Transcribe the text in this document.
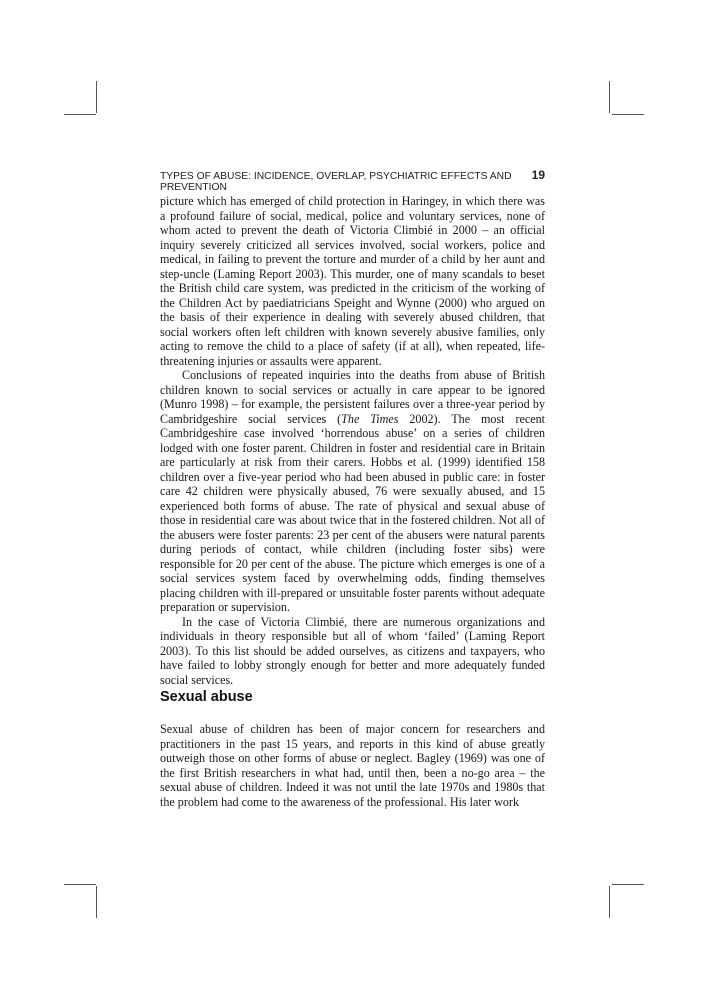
TYPES OF ABUSE: INCIDENCE, OVERLAP, PSYCHIATRIC EFFECTS AND PREVENTION
19

picture which has emerged of child protection in Haringey, in which there was a profound failure of social, medical, police and voluntary services, none of whom acted to prevent the death of Victoria Climbié in 2000 – an official inquiry severely criticized all services involved, social workers, police and medical, in failing to prevent the torture and murder of a child by her aunt and step-uncle (Laming Report 2003). This murder, one of many scandals to beset the British child care system, was predicted in the criticism of the working of the Children Act by paediatricians Speight and Wynne (2000) who argued on the basis of their experience in dealing with severely abused children, that social workers often left children with known severely abusive families, only acting to remove the child to a place of safety (if at all), when repeated, life-threatening injuries or assaults were apparent.

Conclusions of repeated inquiries into the deaths from abuse of British children known to social services or actually in care appear to be ignored (Munro 1998) – for example, the persistent failures over a three-year period by Cambridgeshire social services (The Times 2002). The most recent Cambridgeshire case involved ‘horrendous abuse’ on a series of children lodged with one foster parent. Children in foster and residential care in Britain are particularly at risk from their carers. Hobbs et al. (1999) identified 158 children over a five-year period who had been abused in public care: in foster care 42 children were physically abused, 76 were sexually abused, and 15 experienced both forms of abuse. The rate of physical and sexual abuse of those in residential care was about twice that in the fostered children. Not all of the abusers were foster parents: 23 per cent of the abusers were natural parents during periods of contact, while children (including foster sibs) were responsible for 20 per cent of the abuse. The picture which emerges is one of a social services system faced by overwhelming odds, finding themselves placing children with ill-prepared or unsuitable foster parents without adequate preparation or supervision.

In the case of Victoria Climbié, there are numerous organizations and individuals in theory responsible but all of whom ‘failed’ (Laming Report 2003). To this list should be added ourselves, as citizens and taxpayers, who have failed to lobby strongly enough for better and more adequately funded social services.

Sexual abuse

Sexual abuse of children has been of major concern for researchers and practitioners in the past 15 years, and reports in this kind of abuse greatly outweigh those on other forms of abuse or neglect. Bagley (1969) was one of the first British researchers in what had, until then, been a no-go area – the sexual abuse of children. Indeed it was not until the late 1970s and 1980s that the problem had come to the awareness of the professional. His later work
